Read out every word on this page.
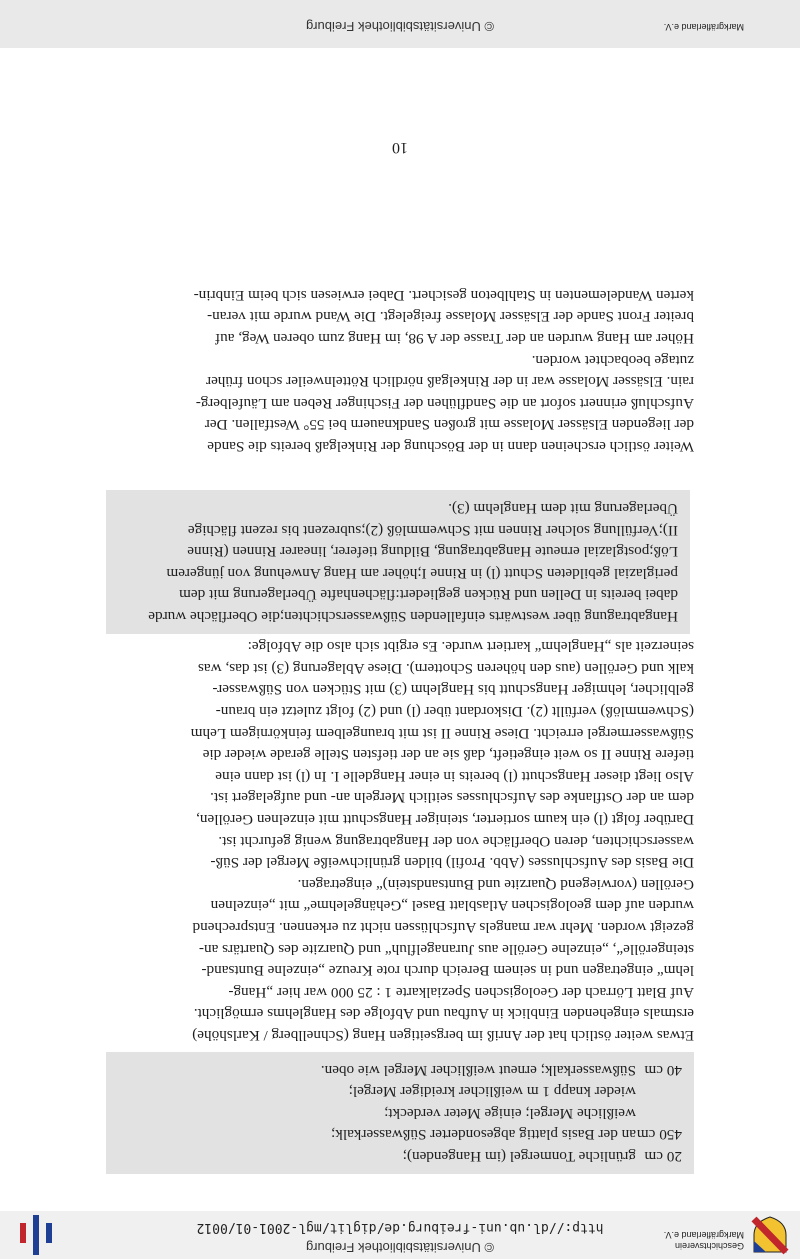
Geschichtsverein
Markgräflerland e.V.
© Universitätsbibliothek Freiburg
http://dl.ub.uni-freiburg.de/diglit/mgl-2001-01/0012
20 cm
grünliche Tonmergel (im Hangenden);
450 cm
an der Basis plattig abgesonderter Süßwasserkalk;
weißliche Mergel; einige Meter verdeckt;
wieder knapp 1 m weißlicher kreidiger Mergel;
40 cm
Süßwasserkalk; erneut weißlicher Mergel wie oben.

Etwas weiter östlich hat der Anriß im bergseitigen Hang (Schnellberg / Karlshöhe)
erstmals eingehenden Einblick in Aufbau und Abfolge des Hanglehms ermöglicht.
Auf Blatt Lörrach der Geologischen Spezialkarte 1 : 25 000 war hier „Hang-
lehm“ eingetragen und in seinem Bereich durch rote Kreuze „einzelne Buntsand-
steingerölle“, „einzelne Gerölle aus Juranagelfluh“ und Quarzite des Quartärs an-
gezeigt worden. Mehr war mangels Aufschlüssen nicht zu erkennen. Entsprechend
wurden auf dem geologischen Atlasblatt Basel „Gehängelehme“ mit „einzelnen
Geröllen (vorwiegend Quarzite und Buntsandstein)“ eingetragen.
Die Basis des Aufschlusses (Abb. Profil) bilden grünlichweiße Mergel der Süß-
wasserschichten, deren Oberfläche von der Hangabtragung wenig gefurcht ist.
Darüber folgt (l) ein kaum sortierter, steiniger Hangschutt mit einzelnen Geröllen,
dem an der Ostflanke des Aufschlusses seitlich Mergeln an- und aufgelagert ist.
Also liegt dieser Hangschutt (l) bereits in einer Hangdelle I. In (l) ist dann eine
tiefere Rinne II so weit eingetieft, daß sie an der tiefsten Stelle gerade wieder die
Süßwassermergel erreicht. Diese Rinne II ist mit braungelbem feinkörnigem Lehm
(Schwemmlöß) verfüllt (2). Diskordant über (l) und (2) folgt zuletzt ein braun-
gelblicher, lehmiger Hangschutt bis Hanglehm (3) mit Stücken von Süßwasser-
kalk und Geröllen (aus den höheren Schottern). Diese Ablagerung (3) ist das, was
seinerzeit als „Hanglehm“ kartiert wurde. Es ergibt sich also die Abfolge:

Hangabtragung über westwärts einfallenden Süßwasserschichten;die Oberfläche wurde dabei bereits in Dellen und Rücken gegliedert:flächenhafte Überlagerung mit dem periglazial gebildeten Schutt (l) in Rinne I;höher am Hang Anwehung von jüngerem Löß;postglazial erneute Hangabtragung, Bildung tieferer, linearer Rinnen (Rinne II);Verfüllung solcher Rinnen mit Schwemmlöß (2);subrezent bis rezent flächige Überlagerung mit dem Hanglehm (3).

Weiter östlich erscheinen dann in der Böschung der Rinkelgaß bereits die Sande
der liegenden Elsässer Molasse mit großen Sandknauern bei 55° Westfallen. Der
Aufschluß erinnert sofort an die Sandflühen der Fischinger Reben am Läufelberg-
rain. Elsässer Molasse war in der Rinkelgaß nördlich Röttelnweiler schon früher
zutage beobachtet worden.
Höher am Hang wurden an der Trasse der A 98, im Hang zum oberen Weg, auf
breiter Front Sande der Elsässer Molasse freigelegt. Die Wand wurde mit veran-
kerten Wandelementen in Stahlbeton gesichert. Dabei erwiesen sich beim Einbrin-

10
© Universitätsbibliothek Freiburg	Markgräflerland e.V.
